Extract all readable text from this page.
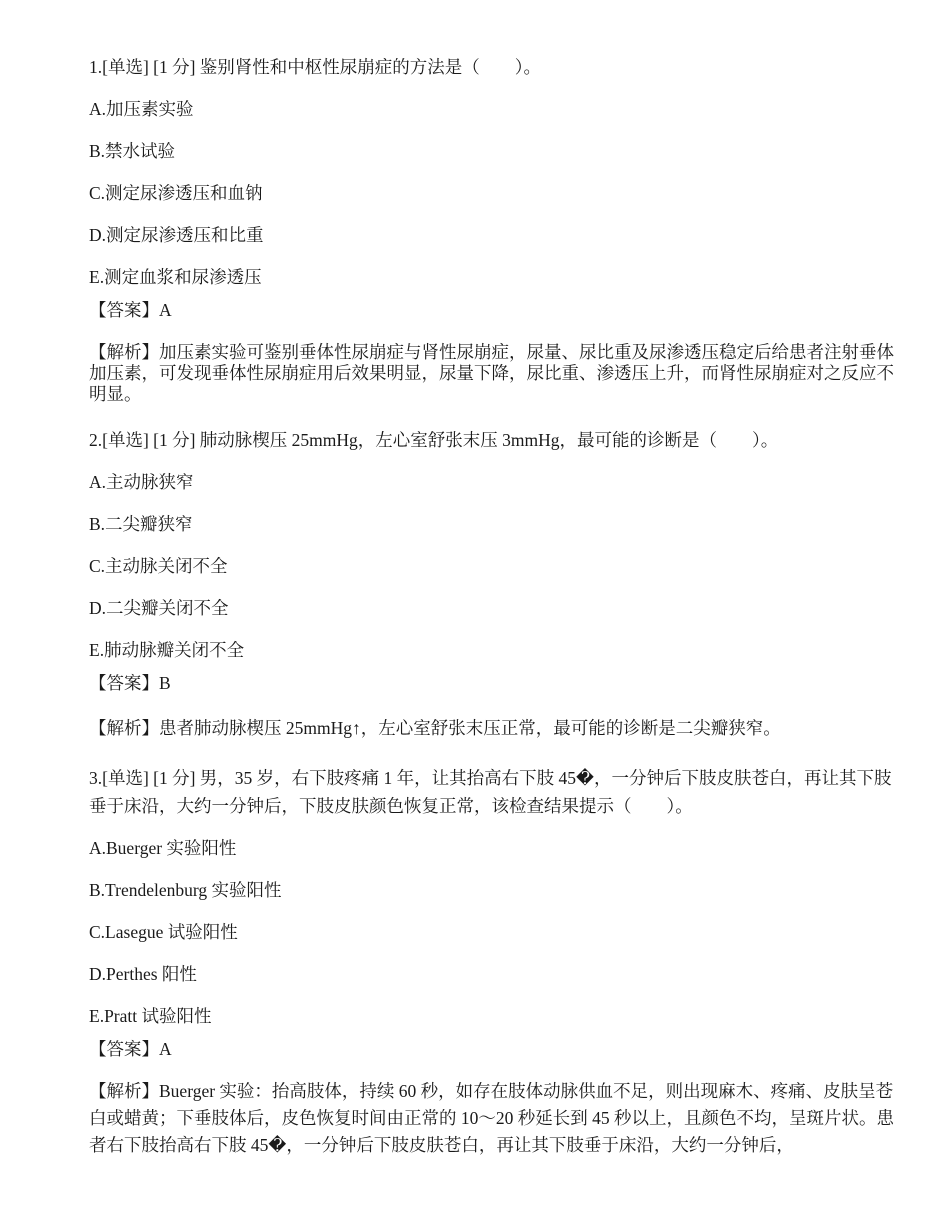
1.[单选] [1 分] 鉴别肾性和中枢性尿崩症的方法是（　　）。

A.加压素实验
B.禁水试验
C.测定尿渗透压和血钠
D.测定尿渗透压和比重
E.测定血浆和尿渗透压
【答案】A
【解析】加压素实验可鉴别垂体性尿崩症与肾性尿崩症，尿量、尿比重及尿渗透压稳定后给患者注射垂体加压素，可发现垂体性尿崩症用后效果明显，尿量下降，尿比重、渗透压上升，而肾性尿崩症对之反应不明显。

2.[单选] [1 分] 肺动脉楔压 25mmHg，左心室舒张末压 3mmHg，最可能的诊断是（　　）。

A.主动脉狭窄
B.二尖瓣狭窄
C.主动脉关闭不全
D.二尖瓣关闭不全
E.肺动脉瓣关闭不全
【答案】B
【解析】患者肺动脉楔压 25mmHg↑，左心室舒张末压正常，最可能的诊断是二尖瓣狭窄。

3.[单选] [1 分] 男，35 岁，右下肢疼痛 1 年，让其抬高右下肢 45�，一分钟后下肢皮肤苍白，再让其下肢垂于床沿，大约一分钟后，下肢皮肤颜色恢复正常，该检查结果提示（　　）。

A.Buerger 实验阳性
B.Trendelenburg 实验阳性
C.Lasegue 试验阳性
D.Perthes 阳性
E.Pratt 试验阳性
【答案】A
【解析】Buerger 实验：抬高肢体，持续 60 秒，如存在肢体动脉供血不足，则出现麻木、疼痛、皮肤呈苍白或蜡黄；下垂肢体后，皮色恢复时间由正常的 10～20 秒延长到 45 秒以上，且颜色不均，呈斑片状。患者右下肢抬高右下肢 45�，一分钟后下肢皮肤苍白，再让其下肢垂于床沿，大约一分钟后，
